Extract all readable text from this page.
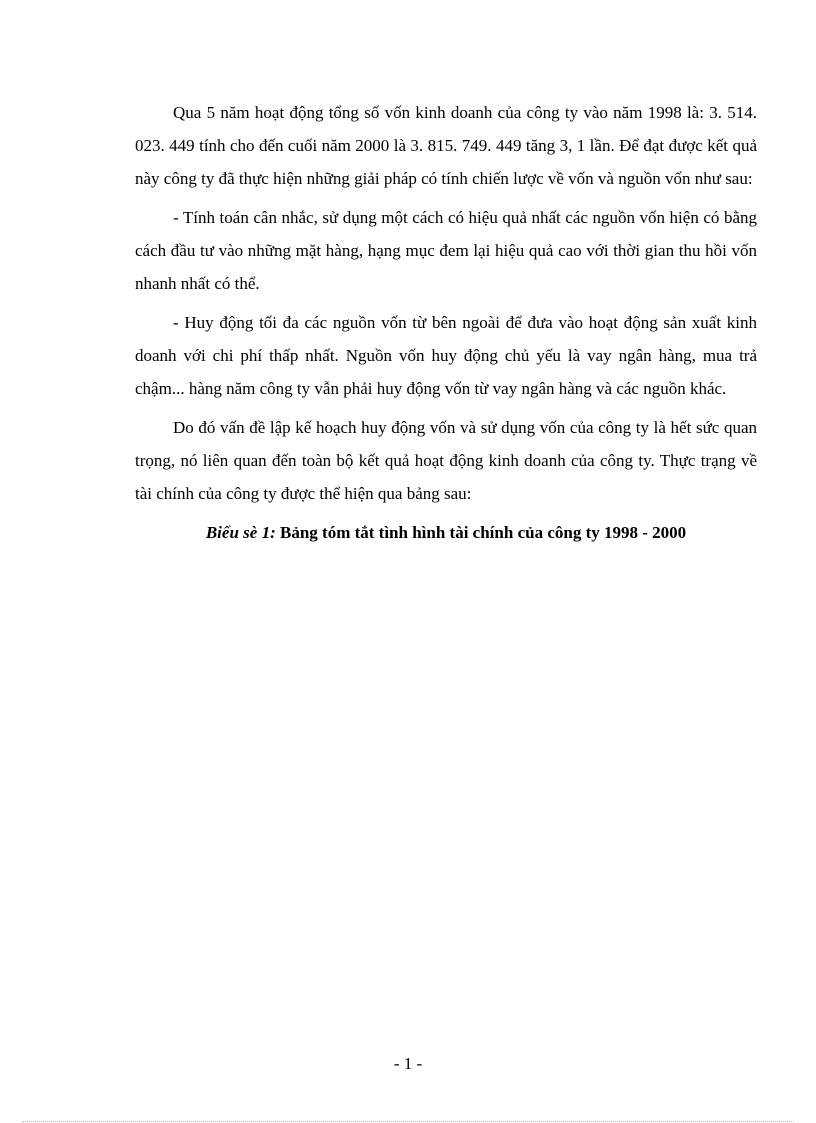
Qua 5 năm hoạt động tổng số vốn kinh doanh của công ty vào năm 1998 là: 3. 514. 023. 449 tính cho đến cuối năm 2000 là 3. 815. 749. 449 tăng 3, 1 lần. Để đạt được kết quả này công ty đã thực hiện những giải pháp có tính chiến lược về vốn và nguồn vốn như sau:

- Tính toán cân nhắc, sử dụng một cách có hiệu quả nhất các nguồn vốn hiện có bằng cách đầu tư vào những mặt hàng, hạng mục đem lại hiệu quả cao với thời gian thu hồi vốn nhanh nhất có thể.

- Huy động tối đa các nguồn vốn từ bên ngoài để đưa vào hoạt động sản xuất kinh doanh với chi phí thấp nhất. Nguồn vốn huy động chủ yếu là vay ngân hàng, mua trả chậm... hàng năm công ty vẫn phải huy động vốn từ vay ngân hàng và các nguồn khác.

Do đó vấn đề lập kế hoạch huy động vốn và sử dụng vốn của công ty là hết sức quan trọng, nó liên quan đến toàn bộ kết quả hoạt động kinh doanh của công ty. Thực trạng về tài chính của công ty được thể hiện qua bảng sau:

Biểu sè 1: Bảng tóm tắt tình hình tài chính của công ty 1998 - 2000

- 1 -
